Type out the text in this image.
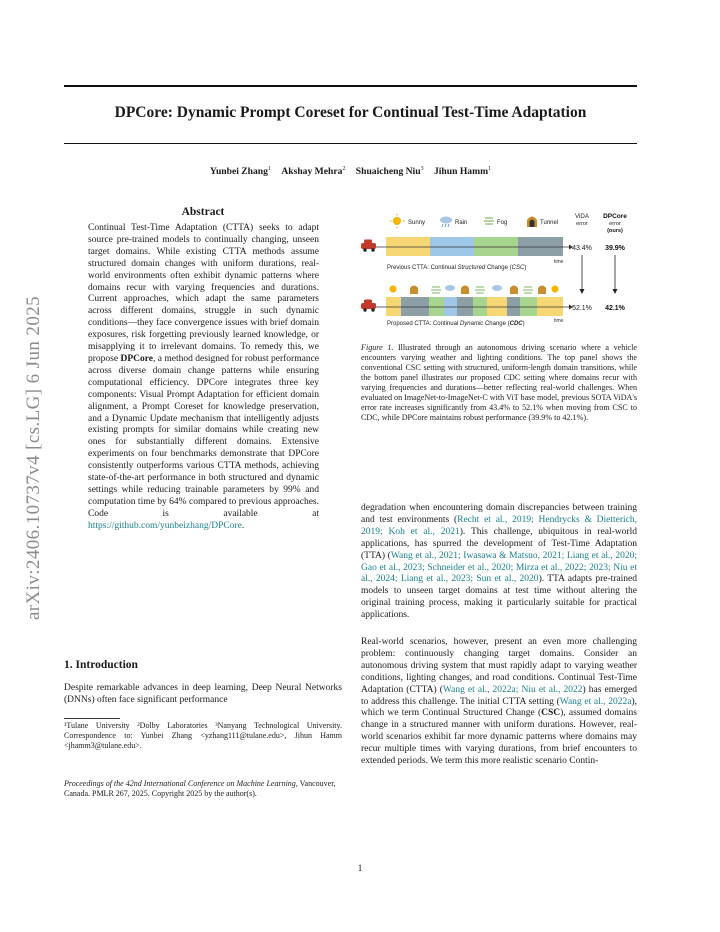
DPCore: Dynamic Prompt Coreset for Continual Test-Time Adaptation
Yunbei Zhang$^1$ Akshay Mehra$^2$ Shuaicheng Niu$^3$ Jihun Hamm$^1$
arXiv:2406.10737v4 [cs.LG] 6 Jun 2025
Abstract

Continual Test-Time Adaptation (CTTA) seeks to adapt source pre-trained models to continually changing, unseen target domains. While existing CTTA methods assume structured domain changes with uniform durations, real-world environments often exhibit dynamic patterns where domains recur with varying frequencies and durations. Current approaches, which adapt the same parameters across different domains, struggle in such dynamic conditions—they face convergence issues with brief domain exposures, risk forgetting previously learned knowledge, or misapplying it to irrelevant domains. To remedy this, we propose DPCore, a method designed for robust performance across diverse domain change patterns while ensuring computational efficiency. DPCore integrates three key components: Visual Prompt Adaptation for efficient domain alignment, a Prompt Coreset for knowledge preservation, and a Dynamic Update mechanism that intelligently adjusts existing prompts for similar domains while creating new ones for substantially different domains. Extensive experiments on four benchmarks demonstrate that DPCore consistently outperforms various CTTA methods, achieving state-of-the-art performance in both structured and dynamic settings while reducing trainable parameters by 99% and computation time by 64% compared to previous approaches. Code is available at https://github.com/yunbeizhang/DPCore.

1. Introduction

Despite remarkable advances in deep learning, Deep Neural Networks (DNNs) often face significant performance

¹Tulane University ²Dolby Laboratories ³Nanyang Technological University. Correspondence to: Yunbei Zhang <yzhang111@tulane.edu>, Jihun Hamm <jhamm3@tulane.edu>.

Proceedings of the 42nd International Conference on Machine Learning, Vancouver, Canada. PMLR 267, 2025. Copyright 2025 by the author(s).

Sunny	Rain	Fog	Tunnel
ViDA
error
DPCore
error
(ours)
time
Previous CTTA: Continual Structured Change (CSC)
43.4% 39.9%
time
Proposed CTTA: Continual Dynamic Change (CDC)
52.1% 42.1%

Figure 1. Illustrated through an autonomous driving scenario where a vehicle encounters varying weather and lighting conditions. The top panel shows the conventional CSC setting with structured, uniform-length domain transitions, while the bottom panel illustrates our proposed CDC setting where domains recur with varying frequencies and durations—better reflecting real-world challenges. When evaluated on ImageNet-to-ImageNet-C with ViT base model, previous SOTA ViDA's error rate increases significantly from 43.4% to 52.1% when moving from CSC to CDC, while DPCore maintains robust performance (39.9% to 42.1%).

degradation when encountering domain discrepancies between training and test environments (Recht et al., 2019; Hendrycks & Dietterich, 2019; Koh et al., 2021). This challenge, ubiquitous in real-world applications, has spurred the development of Test-Time Adaptation (TTA) (Wang et al., 2021; Iwasawa & Matsuo, 2021; Liang et al., 2020; Gao et al., 2023; Schneider et al., 2020; Mirza et al., 2022; 2023; Niu et al., 2024; Liang et al., 2023; Sun et al., 2020). TTA adapts pre-trained models to unseen target domains at test time without altering the original training process, making it particularly suitable for practical applications.

Real-world scenarios, however, present an even more challenging problem: continuously changing target domains. Consider an autonomous driving system that must rapidly adapt to varying weather conditions, lighting changes, and road conditions. Continual Test-Time Adaptation (CTTA) (Wang et al., 2022a; Niu et al., 2022) has emerged to address this challenge. The initial CTTA setting (Wang et al., 2022a), which we term Continual Structured Change (CSC), assumed domains change in a structured manner with uniform durations. However, real-world scenarios exhibit far more dynamic patterns where domains may recur multiple times with varying durations, from brief encounters to extended periods. We term this more realistic scenario Contin-

1
